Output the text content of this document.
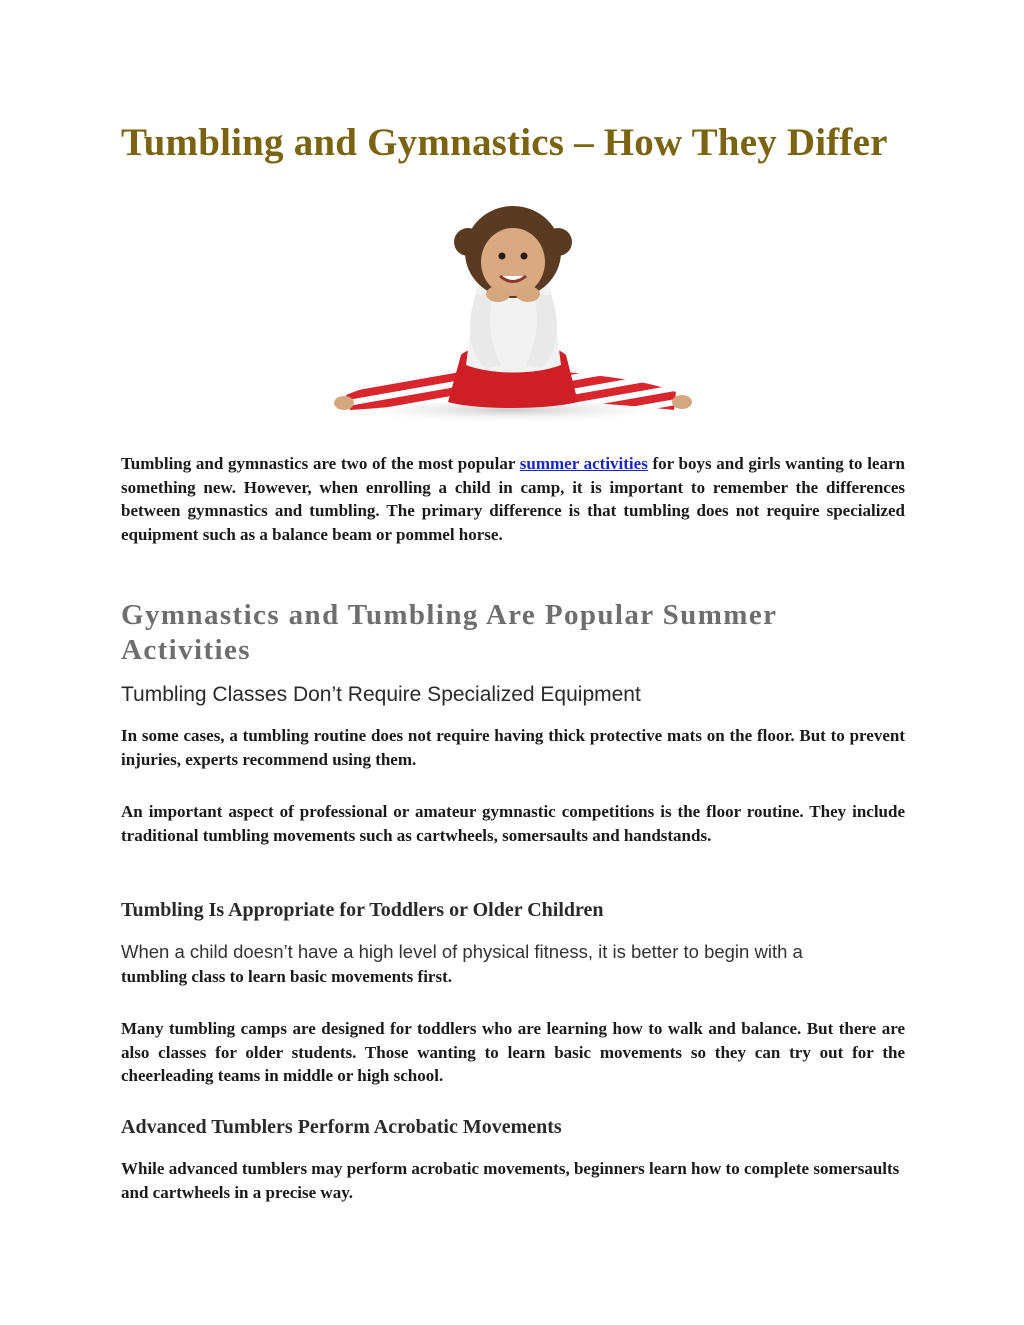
Tumbling and Gymnastics – How They Differ

Tumbling and gymnastics are two of the most popular summer activities for boys and girls wanting to learn something new. However, when enrolling a child in camp, it is important to remember the differences between gymnastics and tumbling. The primary difference is that tumbling does not require specialized equipment such as a balance beam or pommel horse.

Gymnastics and Tumbling Are Popular Summer Activities
Tumbling Classes Don’t Require Specialized Equipment

In some cases, a tumbling routine does not require having thick protective mats on the floor. But to prevent injuries, experts recommend using them.

An important aspect of professional or amateur gymnastic competitions is the floor routine. They include traditional tumbling movements such as cartwheels, somersaults and handstands.

Tumbling Is Appropriate for Toddlers or Older Children

When a child doesn’t have a high level of physical fitness, it is better to begin with a
tumbling class to learn basic movements first.

Many tumbling camps are designed for toddlers who are learning how to walk and balance. But there are also classes for older students. Those wanting to learn basic movements so they can try out for the cheerleading teams in middle or high school.

Advanced Tumblers Perform Acrobatic Movements

While advanced tumblers may perform acrobatic movements, beginners learn how to complete somersaults and cartwheels in a precise way.
